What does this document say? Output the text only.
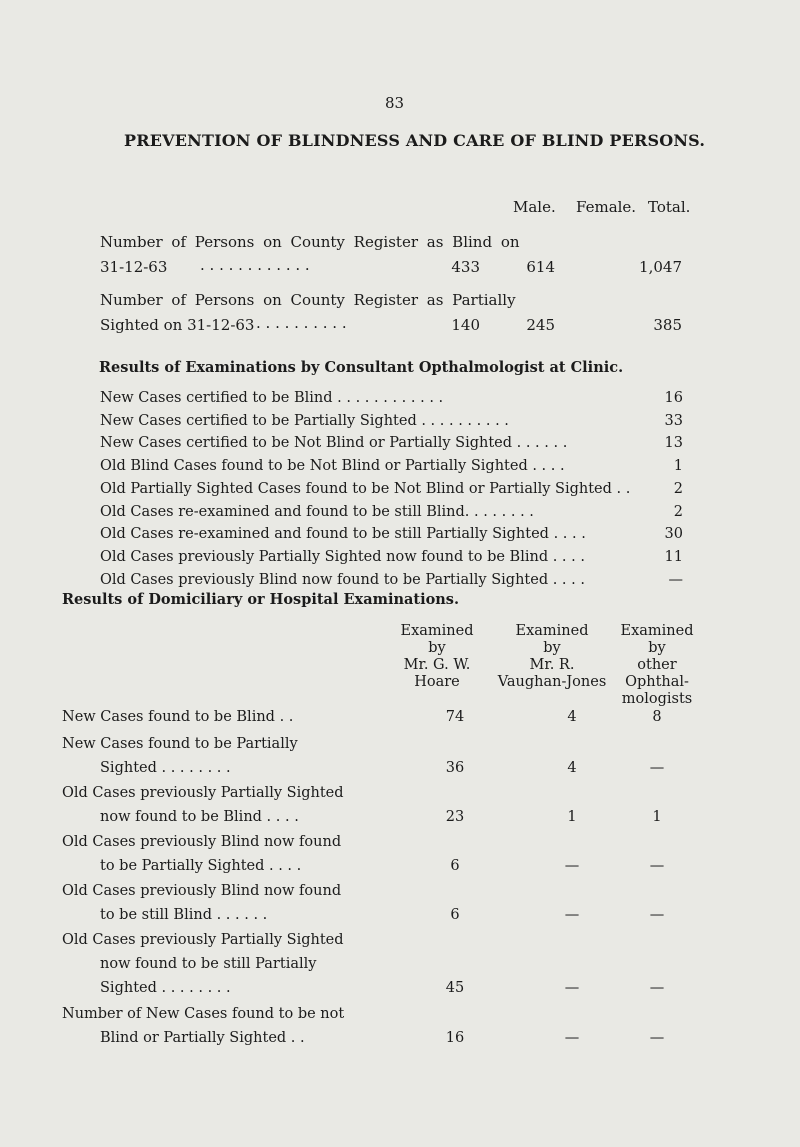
83
PREVENTION OF BLINDNESS AND CARE OF BLIND PERSONS.
Male. Female. Total.
Number of Persons on County Register as Blind on
31-12-63 . . . . . . . . . . . .	433	614	1,047
Number of Persons on County Register as Partially
Sighted on 31-12-63 . . . . . . . . . .	140	245	385
Results of Examinations by Consultant Opthalmologist at Clinic.
New Cases certified to be Blind . . . . . . . . . . . .	16
New Cases certified to be Partially Sighted . . . . . . . . . .	33
New Cases certified to be Not Blind or Partially Sighted . . . . . .	13
Old Blind Cases found to be Not Blind or Partially Sighted . . . .	1
Old Partially Sighted Cases found to be Not Blind or Partially Sighted . .	2
Old Cases re-examined and found to be still Blind. . . . . . . .	2
Old Cases re-examined and found to be still Partially Sighted . . . .	30
Old Cases previously Partially Sighted now found to be Blind . . . .	11
Old Cases previously Blind now found to be Partially Sighted . . . .	—
Results of Domiciliary or Hospital Examinations.
Examined
by
Mr. G. W.
Hoare
Examined
by
Mr. R.
Vaughan-Jones
Examined
by
other
Ophthal-
mologists
New Cases found to be Blind . .	74	4	8
New Cases found to be Partially
Sighted . . . . . . . .	36	4	—
Old Cases previously Partially Sighted
now found to be Blind . . . .	23	1	1
Old Cases previously Blind now found
to be Partially Sighted . . . .	6	—	—
Old Cases previously Blind now found
to be still Blind . . . . . .	6	—	—
Old Cases previously Partially Sighted
now found to be still Partially
Sighted . . . . . . . .	45	—	—
Number of New Cases found to be not
Blind or Partially Sighted . .	16	—	—
